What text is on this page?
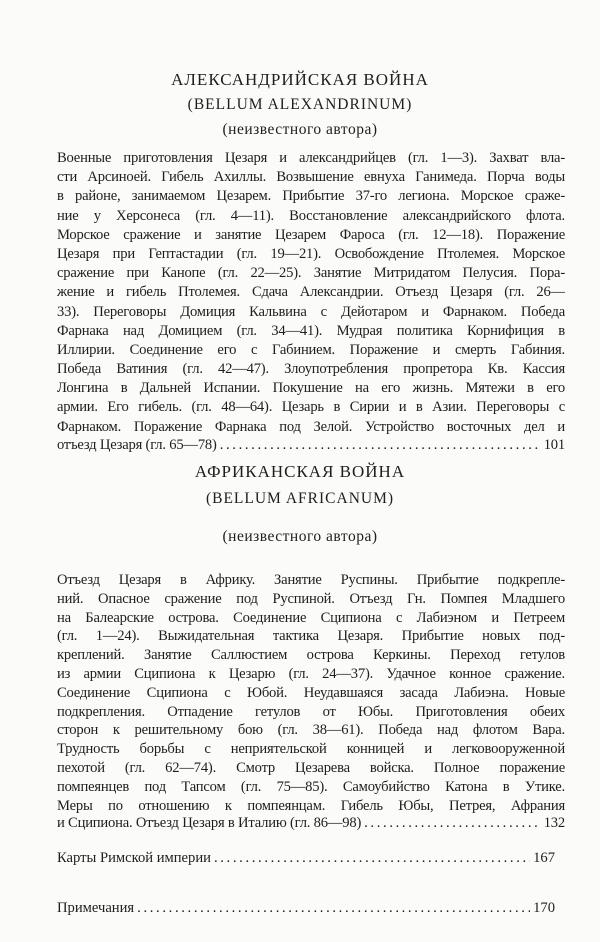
АЛЕКСАНДРИЙСКАЯ ВОЙНА
(BELLUM ALEXANDRINUM)
(неизвестного автора)
Военные приготовления Цезаря и александрийцев (гл. 1—3). Захват вла-
сти Арсиноей. Гибель Ахиллы. Возвышение евнуха Ганимеда. Порча воды
в районе, занимаемом Цезарем. Прибытие 37-го легиона. Морское сраже-
ние у Херсонеса (гл. 4—11). Восстановление александрийского флота.
Морское сражение и занятие Цезарем Фароса (гл. 12—18). Поражение
Цезаря при Гептастадии (гл. 19—21). Освобождение Птолемея. Морское
сражение при Канопе (гл. 22—25). Занятие Митридатом Пелусия. Пора-
жение и гибель Птолемея. Сдача Александрии. Отъезд Цезаря (гл. 26—
33). Переговоры Домиция Кальвина с Дейотаром и Фарнаком. Победа
Фарнака над Домицием (гл. 34—41). Мудрая политика Корнифиция в
Иллирии. Соединение его с Габинием. Поражение и смерть Габиния.
Победа Ватиния (гл. 42—47). Злоупотребления пропретора Кв. Кассия
Лонгина в Дальней Испании. Покушение на его жизнь. Мятежи в его
армии. Его гибель. (гл. 48—64). Цезарь в Сирии и в Азии. Переговоры с
Фарнаком. Поражение Фарнака под Зелой. Устройство восточных дел и
отъезд Цезаря (гл. 65—78) . . .	101
АФРИКАНСКАЯ ВОЙНА
(BELLUM AFRICANUM)
(неизвестного автора)
Отъезд Цезаря в Африку. Занятие Руспины. Прибытие подкрепле-
ний. Опасное сражение под Руспиной. Отъезд Гн. Помпея Младшего
на Балеарские острова. Соединение Сципиона с Лабиэном и Петреем
(гл. 1—24). Выжидательная тактика Цезаря. Прибытие новых под-
креплений. Занятие Саллюстием острова Керкины. Переход гетулов
из армии Сципиона к Цезарю (гл. 24—37). Удачное конное сражение.
Соединение Сципиона с Юбой. Неудавшаяся засада Лабиэна. Новые
подкрепления. Отпадение гетулов от Юбы. Приготовления обеих
сторон к решительному бою (гл. 38—61). Победа над флотом Вара.
Трудность борьбы с неприятельской конницей и легковооруженной
пехотой (гл. 62—74). Смотр Цезарева войска. Полное поражение
помпеянцев под Тапсом (гл. 75—85). Самоубийство Катона в Утике.
Меры по отношению к помпеянцам. Гибель Юбы, Петрея, Афрания
и Сципиона. Отъезд Цезаря в Италию (гл. 86—98) . . .	132
Карты Римской империи . . .	167
Примечания . . .	170
